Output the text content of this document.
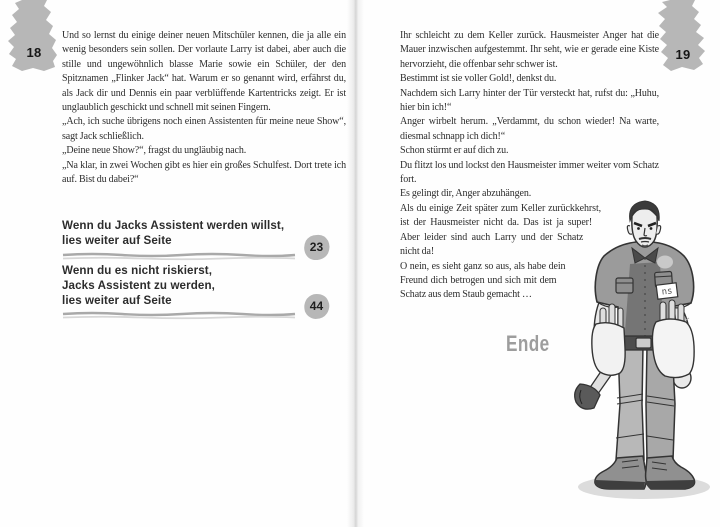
18	19

Und so lernst du einige deiner neuen Mitschüler kennen, die ja alle ein wenig besonders sein sollen. Der vorlaute Larry ist dabei, aber auch die stille und ungewöhnlich blasse Marie sowie ein Schüler, der den Spitznamen „Flinker Jack“ hat. Warum er so genannt wird, erfährst du, als Jack dir und Dennis ein paar verblüffende Kartentricks zeigt. Er ist unglaublich geschickt und schnell mit seinen Fingern.

„Ach, ich suche übrigens noch einen Assistenten für meine neue Show“, sagt Jack schließlich.

„Deine neue Show?“, fragst du ungläubig nach.

„Na klar, in zwei Wochen gibt es hier ein großes Schulfest. Dort trete ich auf. Bist du dabei?“

Wenn du Jacks Assistent werden willst,
lies weiter auf Seite	23
Wenn du es nicht riskierst,
Jacks Assistent zu werden,
lies weiter auf Seite	44

Ihr schleicht zu dem Keller zurück. Hausmeister Anger hat die Mauer inzwischen aufgestemmt. Ihr seht, wie er gerade eine Kiste hervorzieht, die offenbar sehr schwer ist.

Bestimmt ist sie voller Gold!, denkst du.

Nachdem sich Larry hinter der Tür versteckt hat, rufst du: „Huhu, hier bin ich!“

Anger wirbelt herum. „Verdammt, du schon wieder! Na warte, diesmal schnapp ich dich!“

Schon stürmt er auf dich zu.

Du flitzt los und lockst den Hausmeister immer weiter vom Schatz fort.

Es gelingt dir, Anger abzuhängen.

Als du einige Zeit später zum Keller zurückkehrst, ist der Hausmeister nicht da. Das ist ja super! Aber leider sind auch Larry und der Schatz nicht da!

O nein, es sieht ganz so aus, als habe dein Freund dich betrogen und sich mit dem Schatz aus dem Staub gemacht …

Ende
ns
